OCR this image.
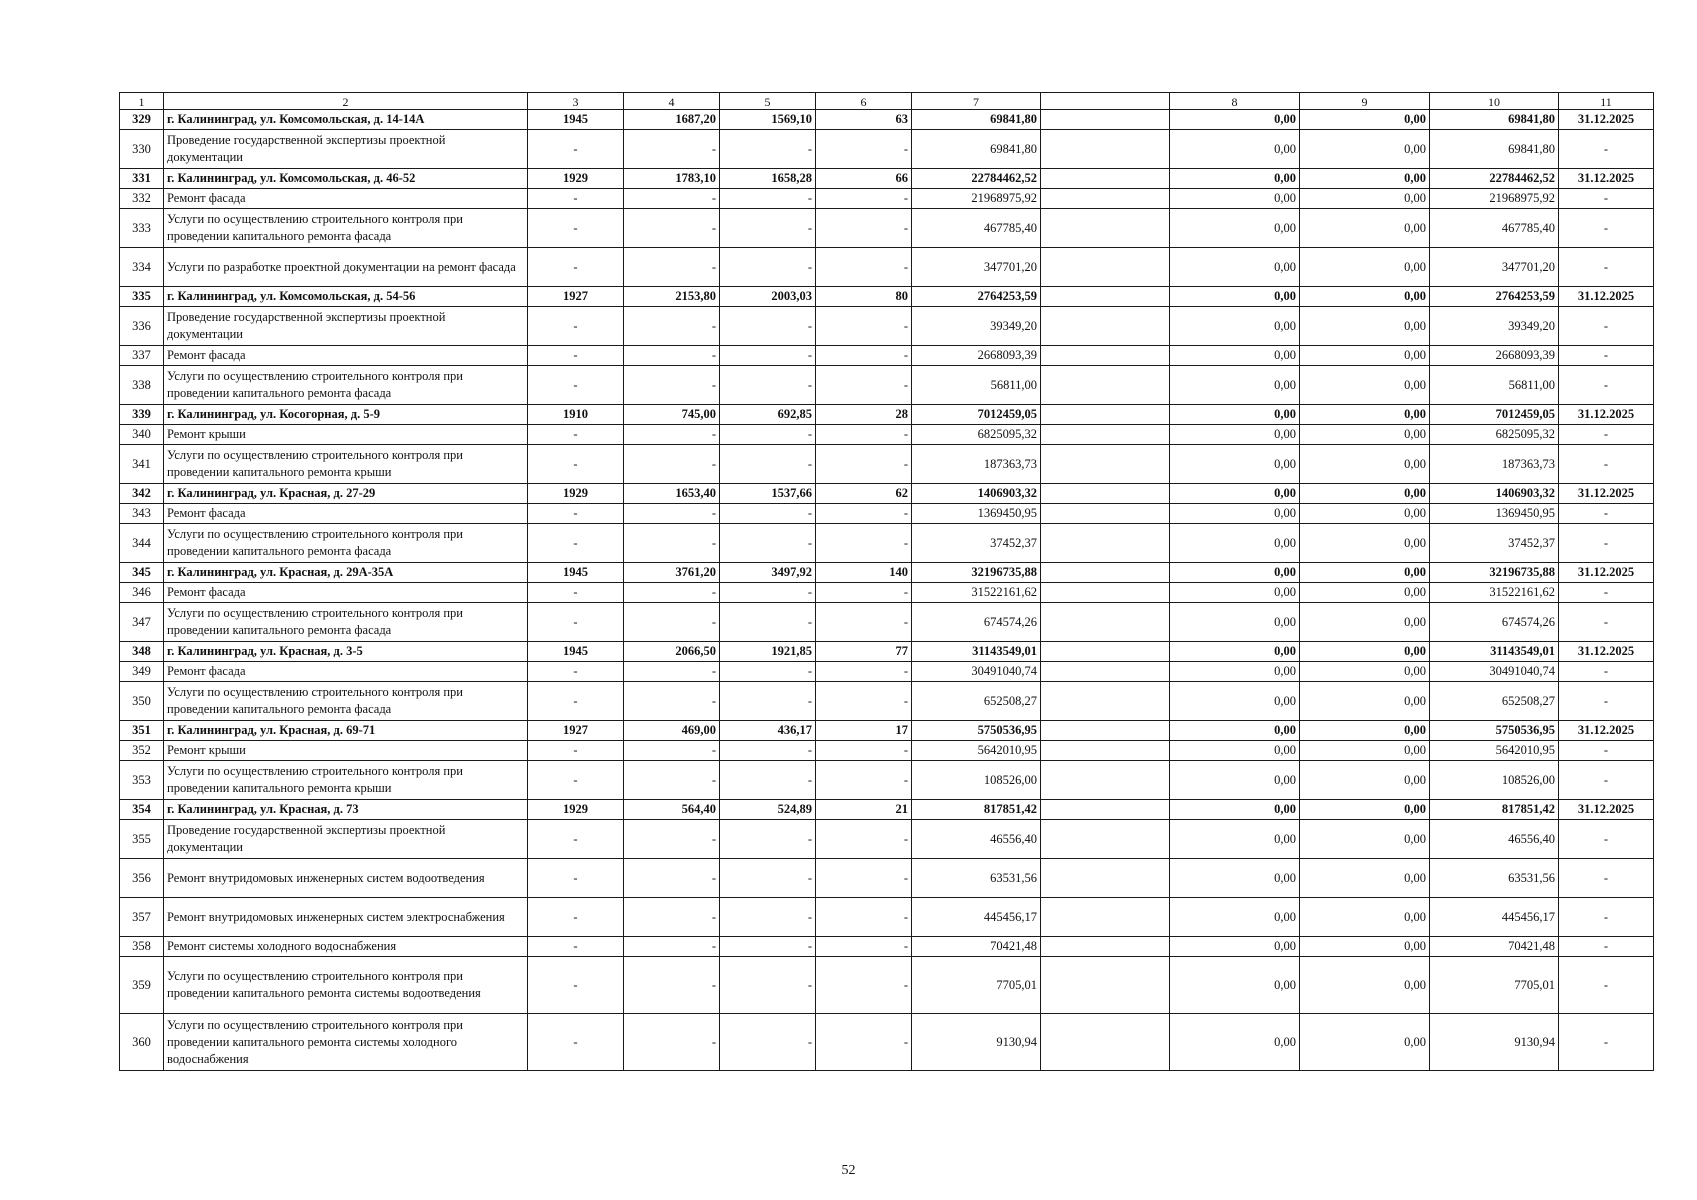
1	2	3	4	5	6	7		8	9	10	11
329	г. Калининград, ул. Комсомольская, д. 14-14А	1945	1687,20	1569,10	63	69841,80		0,00	0,00	69841,80	31.12.2025
330	Проведение государственной экспертизы проектной документации	-	-	-	-	69841,80		0,00	0,00	69841,80	-
331	г. Калининград, ул. Комсомольская, д. 46-52	1929	1783,10	1658,28	66	22784462,52		0,00	0,00	22784462,52	31.12.2025
332	Ремонт фасада	-	-	-	-	21968975,92		0,00	0,00	21968975,92	-
333	Услуги по осуществлению строительного контроля при проведении капитального ремонта фасада	-	-	-	-	467785,40		0,00	0,00	467785,40	-
334	Услуги по разработке проектной документации на ремонт фасада	-	-	-	-	347701,20		0,00	0,00	347701,20	-
335	г. Калининград, ул. Комсомольская, д. 54-56	1927	2153,80	2003,03	80	2764253,59		0,00	0,00	2764253,59	31.12.2025
336	Проведение государственной экспертизы проектной документации	-	-	-	-	39349,20		0,00	0,00	39349,20	-
337	Ремонт фасада	-	-	-	-	2668093,39		0,00	0,00	2668093,39	-
338	Услуги по осуществлению строительного контроля при проведении капитального ремонта фасада	-	-	-	-	56811,00		0,00	0,00	56811,00	-
339	г. Калининград, ул. Косогорная, д. 5-9	1910	745,00	692,85	28	7012459,05		0,00	0,00	7012459,05	31.12.2025
340	Ремонт крыши	-	-	-	-	6825095,32		0,00	0,00	6825095,32	-
341	Услуги по осуществлению строительного контроля при проведении капитального ремонта крыши	-	-	-	-	187363,73		0,00	0,00	187363,73	-
342	г. Калининград, ул. Красная, д. 27-29	1929	1653,40	1537,66	62	1406903,32		0,00	0,00	1406903,32	31.12.2025
343	Ремонт фасада	-	-	-	-	1369450,95		0,00	0,00	1369450,95	-
344	Услуги по осуществлению строительного контроля при проведении капитального ремонта фасада	-	-	-	-	37452,37		0,00	0,00	37452,37	-
345	г. Калининград, ул. Красная, д. 29А-35А	1945	3761,20	3497,92	140	32196735,88		0,00	0,00	32196735,88	31.12.2025
346	Ремонт фасада	-	-	-	-	31522161,62		0,00	0,00	31522161,62	-
347	Услуги по осуществлению строительного контроля при проведении капитального ремонта фасада	-	-	-	-	674574,26		0,00	0,00	674574,26	-
348	г. Калининград, ул. Красная, д. 3-5	1945	2066,50	1921,85	77	31143549,01		0,00	0,00	31143549,01	31.12.2025
349	Ремонт фасада	-	-	-	-	30491040,74		0,00	0,00	30491040,74	-
350	Услуги по осуществлению строительного контроля при проведении капитального ремонта фасада	-	-	-	-	652508,27		0,00	0,00	652508,27	-
351	г. Калининград, ул. Красная, д. 69-71	1927	469,00	436,17	17	5750536,95		0,00	0,00	5750536,95	31.12.2025
352	Ремонт крыши	-	-	-	-	5642010,95		0,00	0,00	5642010,95	-
353	Услуги по осуществлению строительного контроля при проведении капитального ремонта крыши	-	-	-	-	108526,00		0,00	0,00	108526,00	-
354	г. Калининград, ул. Красная, д. 73	1929	564,40	524,89	21	817851,42		0,00	0,00	817851,42	31.12.2025
355	Проведение государственной экспертизы проектной документации	-	-	-	-	46556,40		0,00	0,00	46556,40	-
356	Ремонт внутридомовых инженерных систем водоотведения	-	-	-	-	63531,56		0,00	0,00	63531,56	-
357	Ремонт внутридомовых инженерных систем электроснабжения	-	-	-	-	445456,17		0,00	0,00	445456,17	-
358	Ремонт системы холодного водоснабжения	-	-	-	-	70421,48		0,00	0,00	70421,48	-
359	Услуги по осуществлению строительного контроля при проведении капитального ремонта системы водоотведения	-	-	-	-	7705,01		0,00	0,00	7705,01	-
360	Услуги по осуществлению строительного контроля при проведении капитального ремонта системы холодного водоснабжения	-	-	-	-	9130,94		0,00	0,00	9130,94	-
52
